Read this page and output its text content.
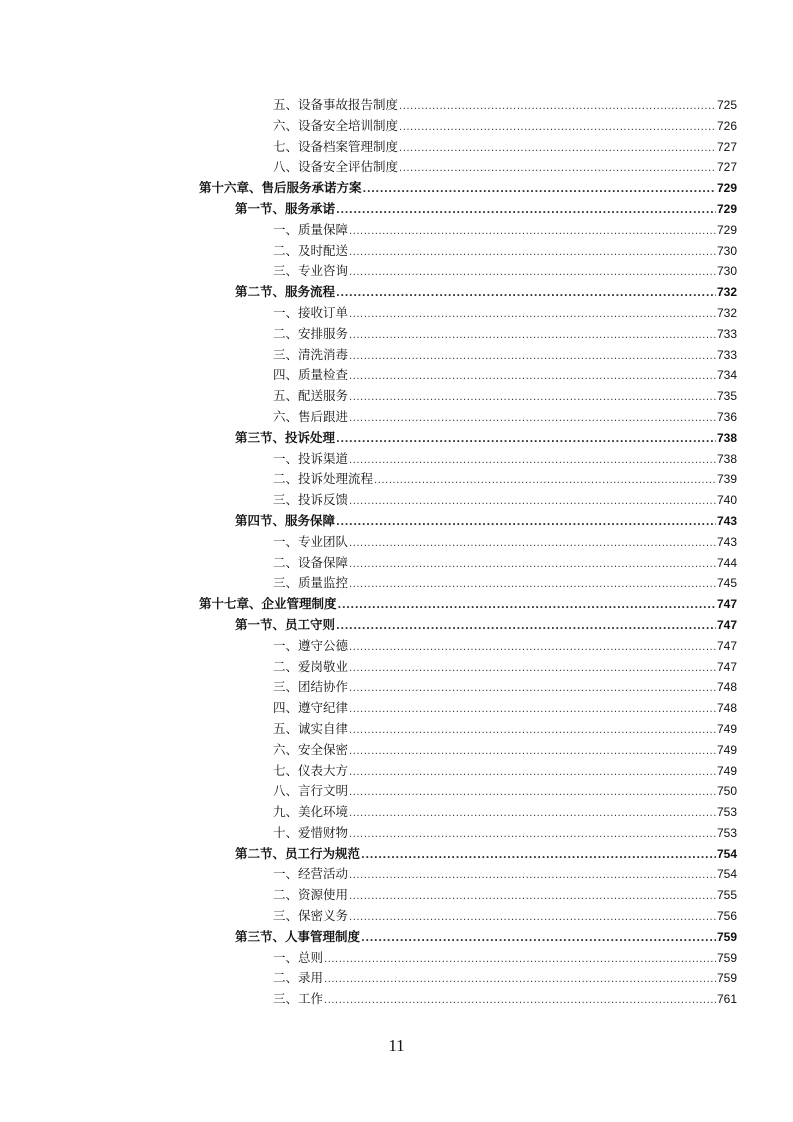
五、设备事故报告制度 .....	725
六、设备安全培训制度 .....	726
七、设备档案管理制度 .....	727
八、设备安全评估制度 .....	727
第十六章、售后服务承诺方案 .....	729
第一节、服务承诺 .....	729
一、质量保障 .....	729
二、及时配送 .....	730
三、专业咨询 .....	730
第二节、服务流程 .....	732
一、接收订单 .....	732
二、安排服务 .....	733
三、清洗消毒 .....	733
四、质量检查 .....	734
五、配送服务 .....	735
六、售后跟进 .....	736
第三节、投诉处理 .....	738
一、投诉渠道 .....	738
二、投诉处理流程 .....	739
三、投诉反馈 .....	740
第四节、服务保障 .....	743
一、专业团队 .....	743
二、设备保障 .....	744
三、质量监控 .....	745
第十七章、企业管理制度 .....	747
第一节、员工守则 .....	747
一、遵守公德 .....	747
二、爱岗敬业 .....	747
三、团结协作 .....	748
四、遵守纪律 .....	748
五、诚实自律 .....	749
六、安全保密 .....	749
七、仪表大方 .....	749
八、言行文明 .....	750
九、美化环境 .....	753
十、爱惜财物 .....	753
第二节、员工行为规范 .....	754
一、经营活动 .....	754
二、资源使用 .....	755
三、保密义务 .....	756
第三节、人事管理制度 .....	759
一、总则 .....	759
二、录用 .....	759
三、工作 .....	761
11
